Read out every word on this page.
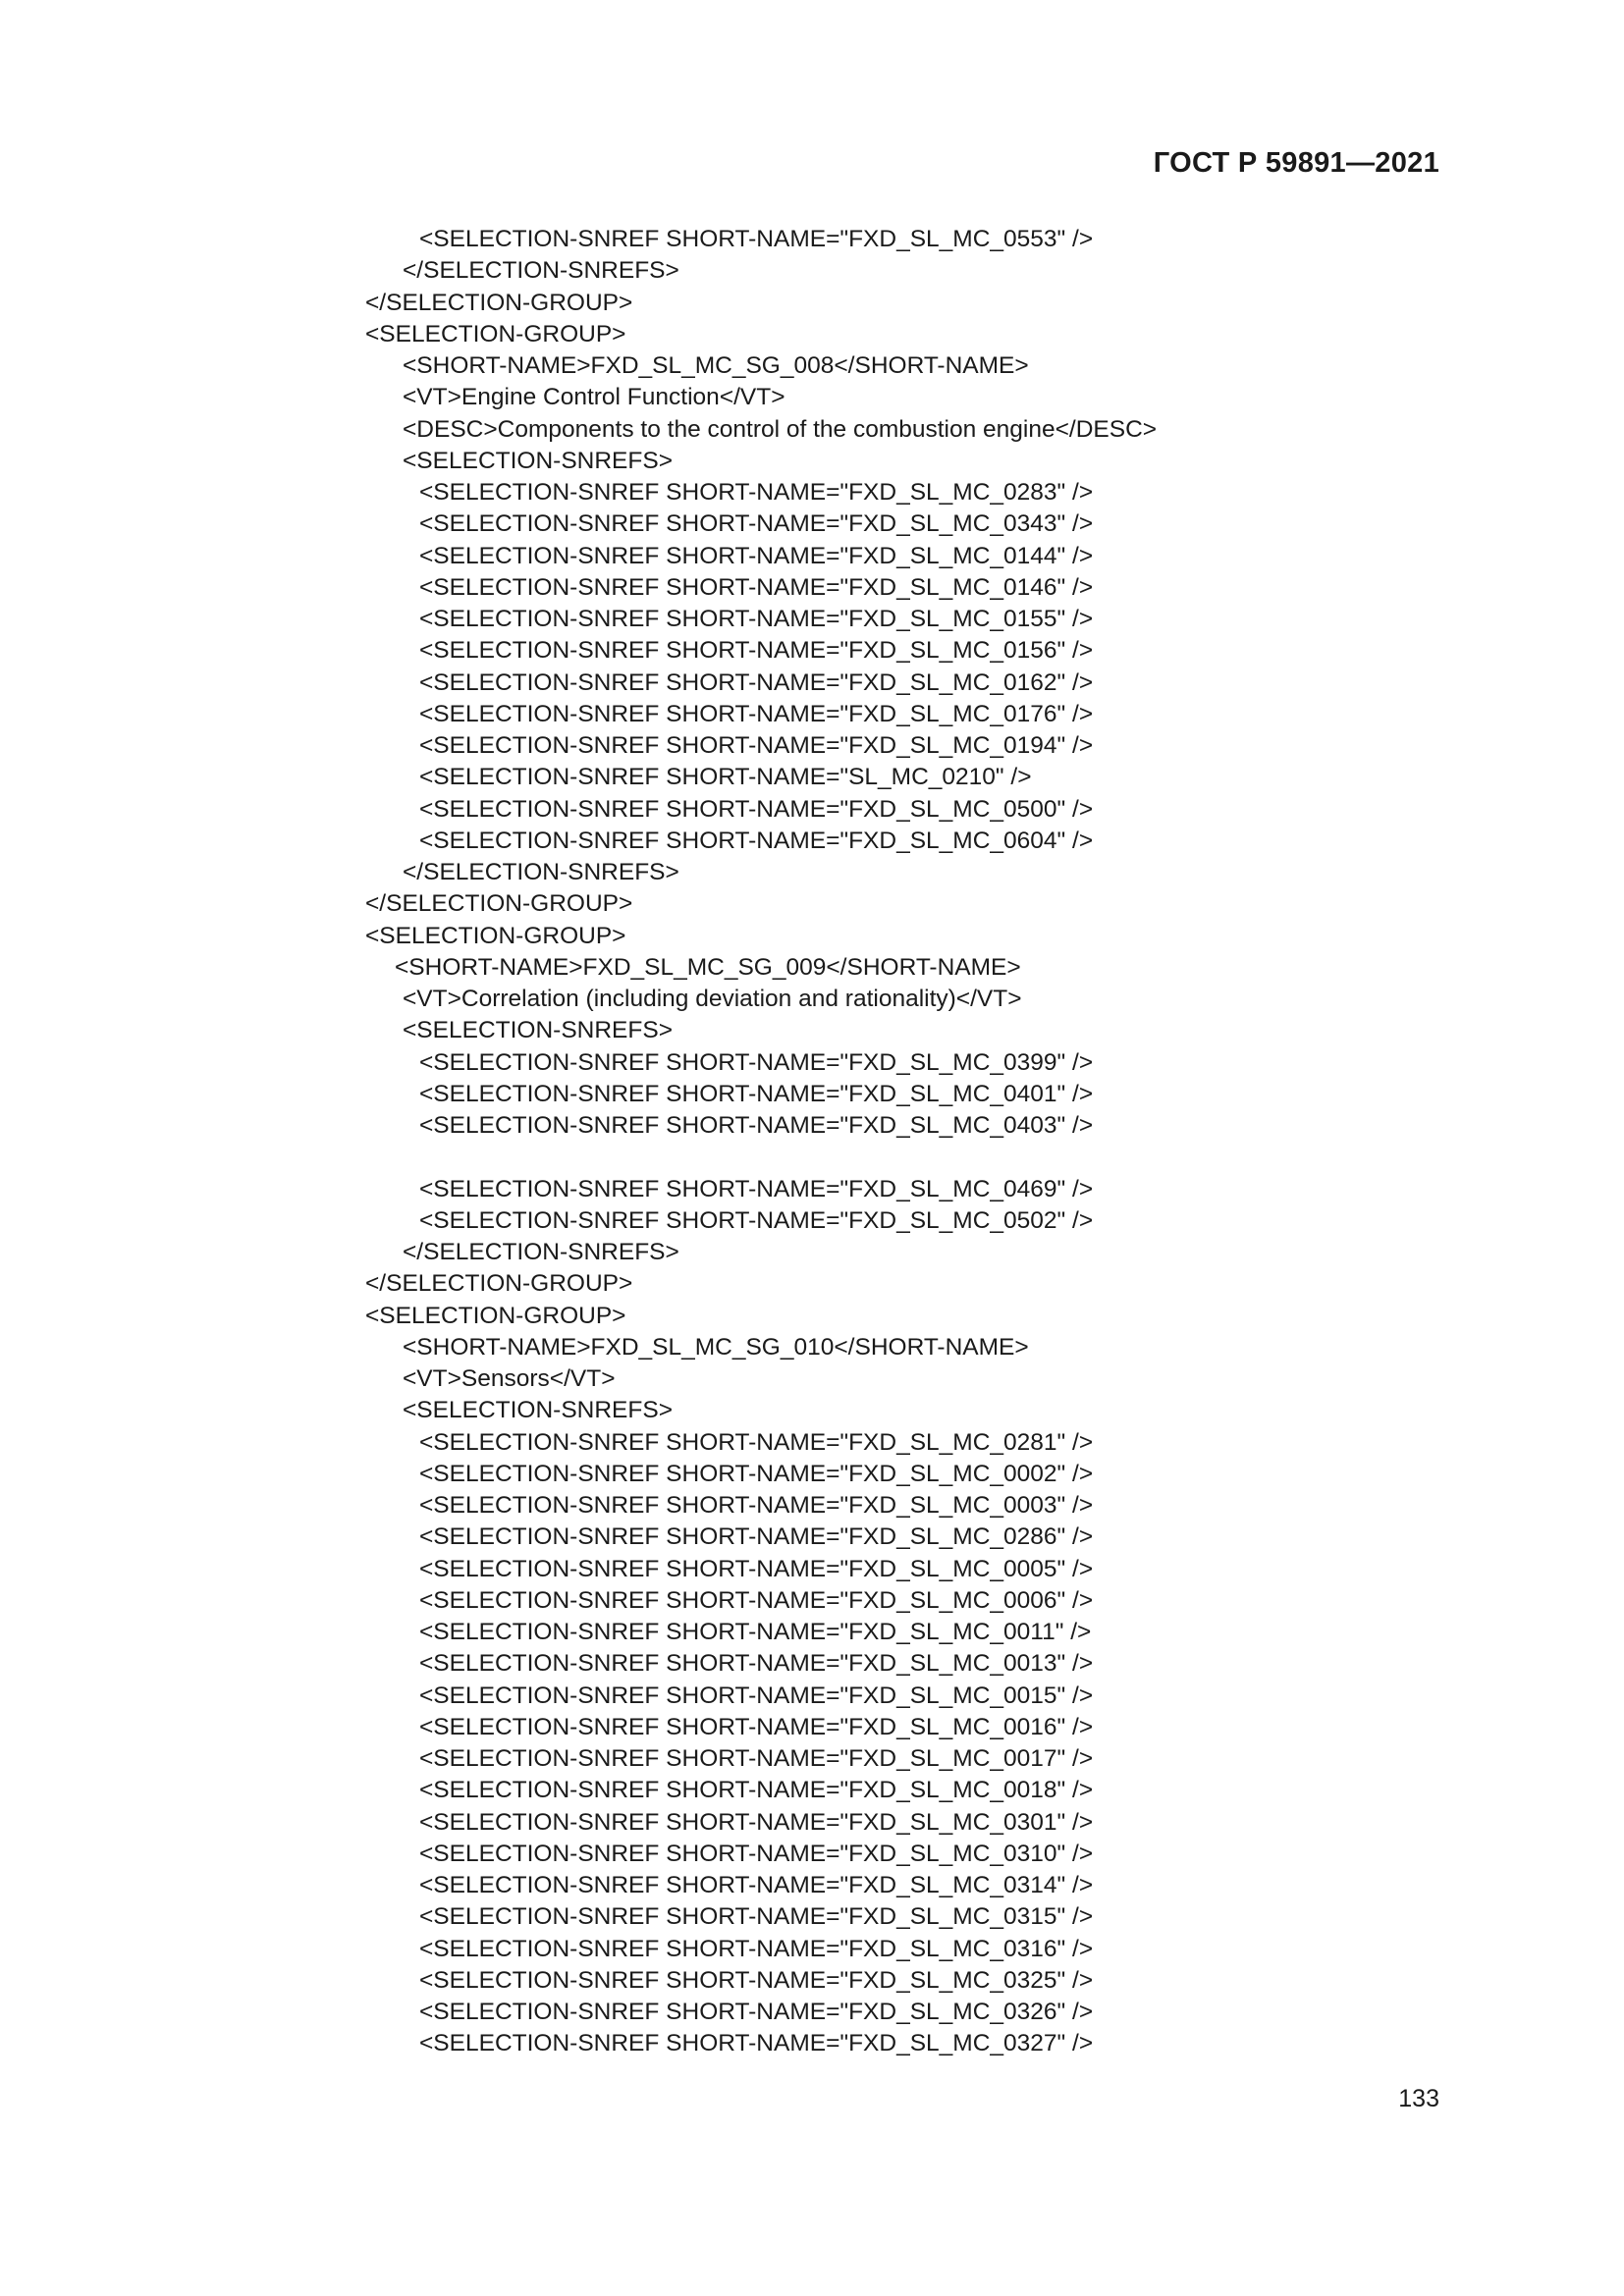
ГОСТ Р 59891—2021
<SELECTION-SNREF SHORT-NAME="FXD_SL_MC_0553" />
</SELECTION-SNREFS>
</SELECTION-GROUP>
<SELECTION-GROUP>
<SHORT-NAME>FXD_SL_MC_SG_008</SHORT-NAME>
<VT>Engine Control Function</VT>
<DESC>Components to the control of the combustion engine</DESC>
<SELECTION-SNREFS>
<SELECTION-SNREF SHORT-NAME="FXD_SL_MC_0283" />
<SELECTION-SNREF SHORT-NAME="FXD_SL_MC_0343" />
<SELECTION-SNREF SHORT-NAME="FXD_SL_MC_0144" />
<SELECTION-SNREF SHORT-NAME="FXD_SL_MC_0146" />
<SELECTION-SNREF SHORT-NAME="FXD_SL_MC_0155" />
<SELECTION-SNREF SHORT-NAME="FXD_SL_MC_0156" />
<SELECTION-SNREF SHORT-NAME="FXD_SL_MC_0162" />
<SELECTION-SNREF SHORT-NAME="FXD_SL_MC_0176" />
<SELECTION-SNREF SHORT-NAME="FXD_SL_MC_0194" />
<SELECTION-SNREF SHORT-NAME="SL_MC_0210" />
<SELECTION-SNREF SHORT-NAME="FXD_SL_MC_0500" />
<SELECTION-SNREF SHORT-NAME="FXD_SL_MC_0604" />
</SELECTION-SNREFS>
</SELECTION-GROUP>
<SELECTION-GROUP>
<SHORT-NAME>FXD_SL_MC_SG_009</SHORT-NAME>
<VT>Correlation (including deviation and rationality)</VT>
<SELECTION-SNREFS>
<SELECTION-SNREF SHORT-NAME="FXD_SL_MC_0399" />
<SELECTION-SNREF SHORT-NAME="FXD_SL_MC_0401" />
<SELECTION-SNREF SHORT-NAME="FXD_SL_MC_0403" />
<SELECTION-SNREF SHORT-NAME="FXD_SL_MC_0469" />
<SELECTION-SNREF SHORT-NAME="FXD_SL_MC_0502" />
</SELECTION-SNREFS>
</SELECTION-GROUP>
<SELECTION-GROUP>
<SHORT-NAME>FXD_SL_MC_SG_010</SHORT-NAME>
<VT>Sensors</VT>
<SELECTION-SNREFS>
<SELECTION-SNREF SHORT-NAME="FXD_SL_MC_0281" />
<SELECTION-SNREF SHORT-NAME="FXD_SL_MC_0002" />
<SELECTION-SNREF SHORT-NAME="FXD_SL_MC_0003" />
<SELECTION-SNREF SHORT-NAME="FXD_SL_MC_0286" />
<SELECTION-SNREF SHORT-NAME="FXD_SL_MC_0005" />
<SELECTION-SNREF SHORT-NAME="FXD_SL_MC_0006" />
<SELECTION-SNREF SHORT-NAME="FXD_SL_MC_0011" />
<SELECTION-SNREF SHORT-NAME="FXD_SL_MC_0013" />
<SELECTION-SNREF SHORT-NAME="FXD_SL_MC_0015" />
<SELECTION-SNREF SHORT-NAME="FXD_SL_MC_0016" />
<SELECTION-SNREF SHORT-NAME="FXD_SL_MC_0017" />
<SELECTION-SNREF SHORT-NAME="FXD_SL_MC_0018" />
<SELECTION-SNREF SHORT-NAME="FXD_SL_MC_0301" />
<SELECTION-SNREF SHORT-NAME="FXD_SL_MC_0310" />
<SELECTION-SNREF SHORT-NAME="FXD_SL_MC_0314" />
<SELECTION-SNREF SHORT-NAME="FXD_SL_MC_0315" />
<SELECTION-SNREF SHORT-NAME="FXD_SL_MC_0316" />
<SELECTION-SNREF SHORT-NAME="FXD_SL_MC_0325" />
<SELECTION-SNREF SHORT-NAME="FXD_SL_MC_0326" />
<SELECTION-SNREF SHORT-NAME="FXD_SL_MC_0327" />
133
